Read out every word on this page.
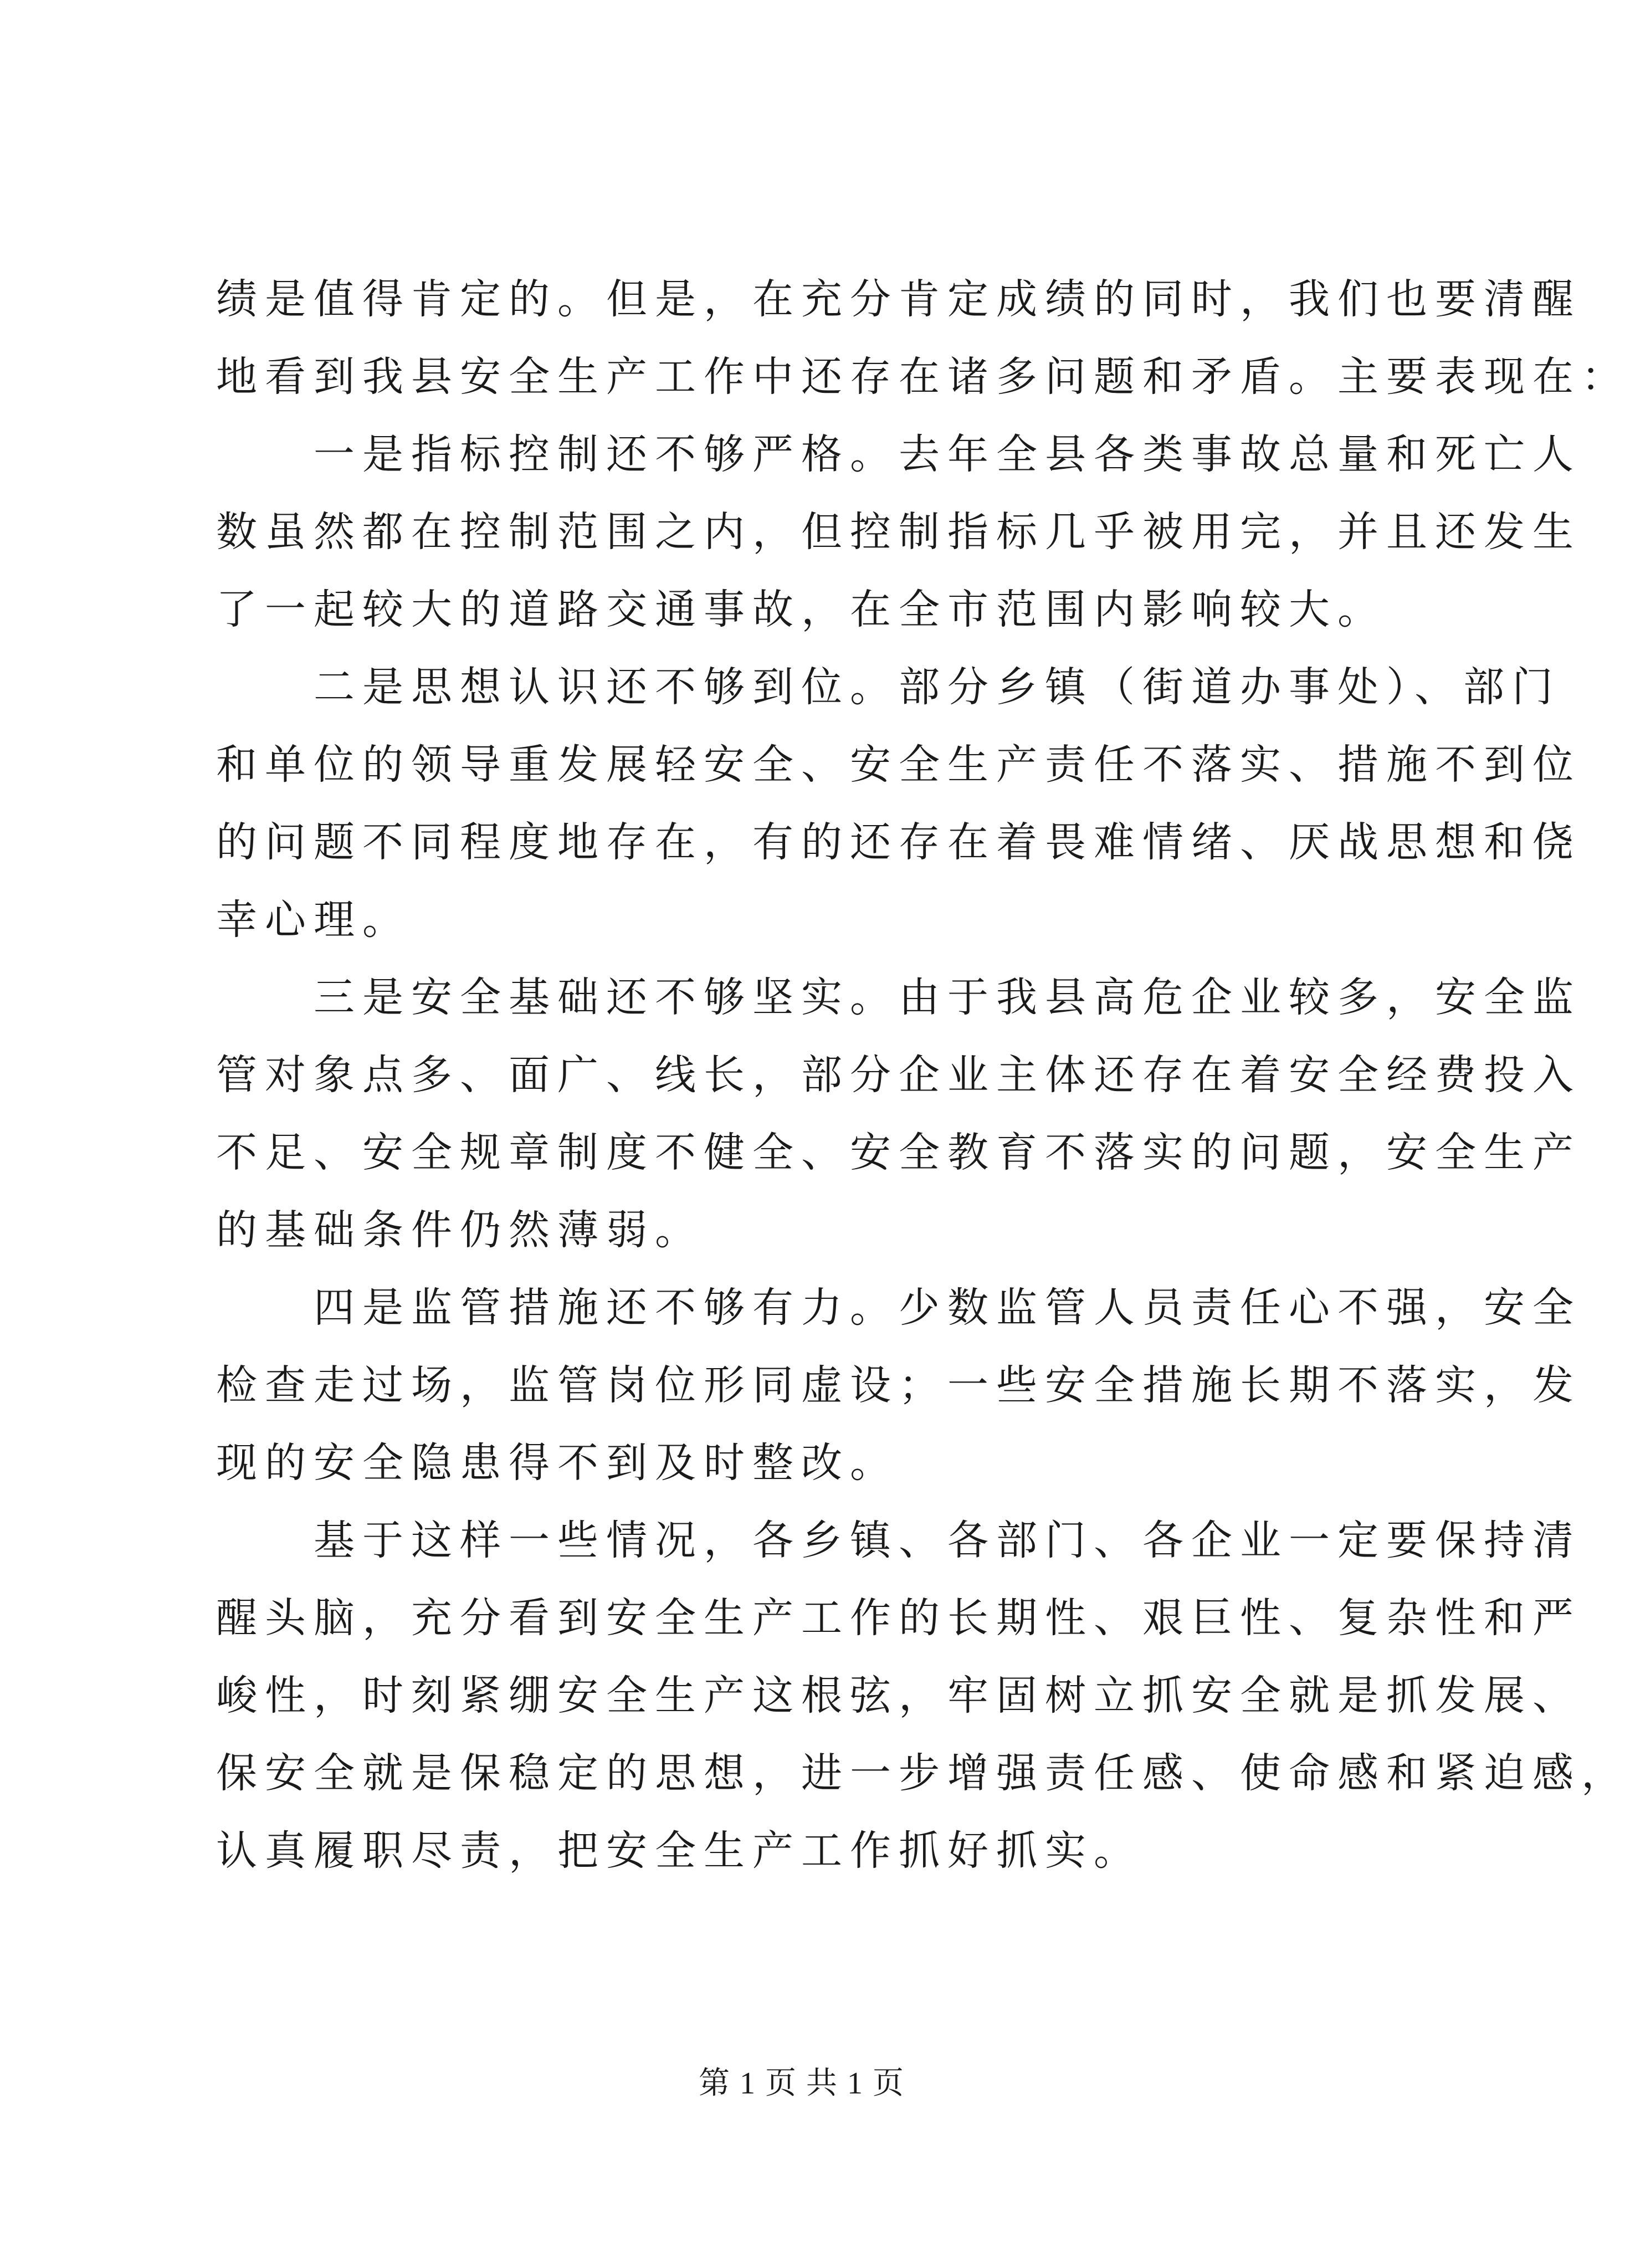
绩是值得肯定的。但是，在充分肯定成绩的同时，我们也要清醒
地看到我县安全生产工作中还存在诸多问题和矛盾。主要表现在：
一是指标控制还不够严格。去年全县各类事故总量和死亡人
数虽然都在控制范围之内，但控制指标几乎被用完，并且还发生
了一起较大的道路交通事故，在全市范围内影响较大。
二是思想认识还不够到位。部分乡镇（街道办事处）、部门
和单位的领导重发展轻安全、安全生产责任不落实、措施不到位
的问题不同程度地存在，有的还存在着畏难情绪、厌战思想和侥
幸心理。
三是安全基础还不够坚实。由于我县高危企业较多，安全监
管对象点多、面广、线长，部分企业主体还存在着安全经费投入
不足、安全规章制度不健全、安全教育不落实的问题，安全生产
的基础条件仍然薄弱。
四是监管措施还不够有力。少数监管人员责任心不强，安全
检查走过场，监管岗位形同虚设；一些安全措施长期不落实，发
现的安全隐患得不到及时整改。
基于这样一些情况，各乡镇、各部门、各企业一定要保持清
醒头脑，充分看到安全生产工作的长期性、艰巨性、复杂性和严
峻性，时刻紧绷安全生产这根弦，牢固树立抓安全就是抓发展、
保安全就是保稳定的思想，进一步增强责任感、使命感和紧迫感，
认真履职尽责，把安全生产工作抓好抓实。
第 1 页 共 1 页
